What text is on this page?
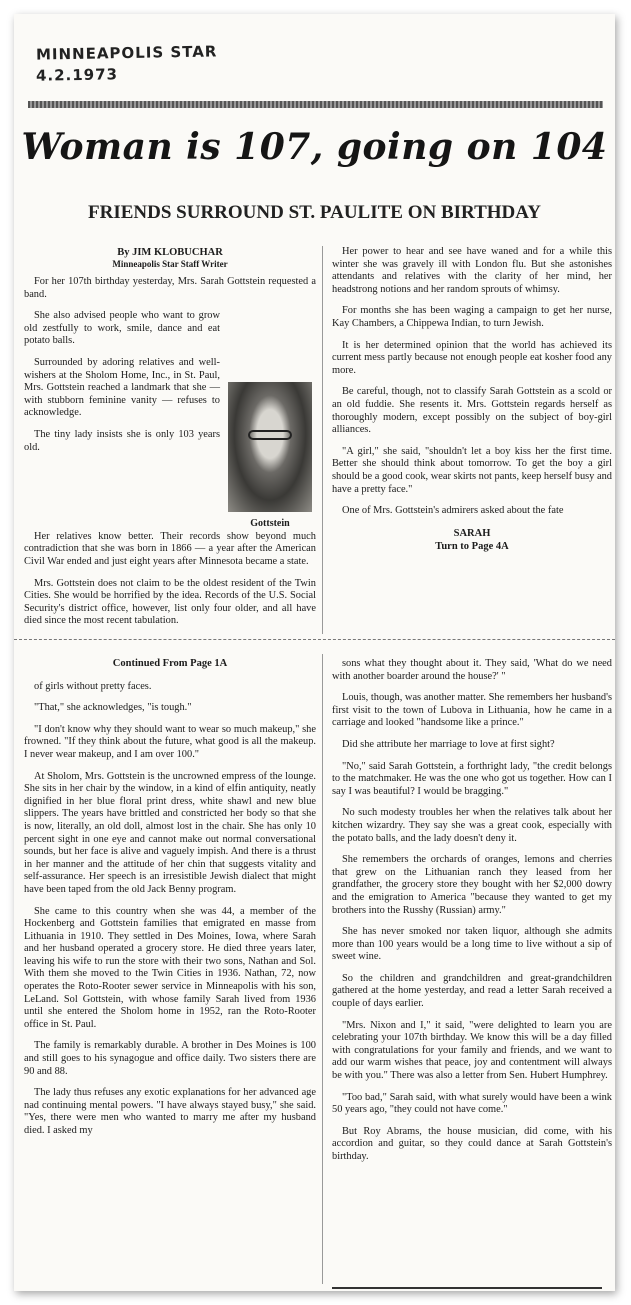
MINNEAPOLIS STAR
4.2.1973
Woman is 107, going on 104
FRIENDS SURROUND ST. PAULITE ON BIRTHDAY
By JIM KLOBUCHAR
Minneapolis Star Staff Writer

For her 107th birthday yesterday, Mrs. Sarah Gottstein requested a band.

She also advised people who want to grow old zestfully to work, smile, dance and eat potato balls.

Surrounded by adoring relatives and well-wishers at the Sholom Home, Inc., in St. Paul, Mrs. Gottstein reached a landmark that she — with stubborn feminine vanity — refuses to acknowledge.

The tiny lady insists she is only 103 years old.

Gottstein

Her relatives know better. Their records show beyond much contradiction that she was born in 1866 — a year after the American Civil War ended and just eight years after Minnesota became a state.

Mrs. Gottstein does not claim to be the oldest resident of the Twin Cities. She would be horrified by the idea. Records of the U.S. Social Security's district office, however, list only four older, and all have died since the most recent tabulation.

Her power to hear and see have waned and for a while this winter she was gravely ill with London flu. But she astonishes attendants and relatives with the clarity of her mind, her headstrong notions and her random sprouts of whimsy.

For months she has been waging a campaign to get her nurse, Kay Chambers, a Chippewa Indian, to turn Jewish.

It is her determined opinion that the world has achieved its current mess partly because not enough people eat kosher food any more.

Be careful, though, not to classify Sarah Gottstein as a scold or an old fuddie. She resents it. Mrs. Gottstein regards herself as thoroughly modern, except possibly on the subject of boy-girl alliances.

"A girl," she said, "shouldn't let a boy kiss her the first time. Better she should think about tomorrow. To get the boy a girl should be a good cook, wear skirts not pants, keep herself busy and have a pretty face."

One of Mrs. Gottstein's admirers asked about the fate

SARAH
Turn to Page 4A
Continued From Page 1A

of girls without pretty faces.

"That," she acknowledges, "is tough."

"I don't know why they should want to wear so much makeup," she frowned. "If they think about the future, what good is all the makeup. I never wear makeup, and I am over 100."

At Sholom, Mrs. Gottstein is the uncrowned empress of the lounge. She sits in her chair by the window, in a kind of elfin antiquity, neatly dignified in her blue floral print dress, white shawl and new blue slippers. The years have brittled and constricted her body so that she is now, literally, an old doll, almost lost in the chair. She has only 10 percent sight in one eye and cannot make out normal conversational sounds, but her face is alive and vaguely impish. And there is a thrust in her manner and the attitude of her chin that suggests vitality and self-assurance. Her speech is an irresistible Jewish dialect that might have been taped from the old Jack Benny program.

She came to this country when she was 44, a member of the Hockenberg and Gottstein families that emigrated en masse from Lithuania in 1910. They settled in Des Moines, Iowa, where Sarah and her husband operated a grocery store. He died three years later, leaving his wife to run the store with their two sons, Nathan and Sol. With them she moved to the Twin Cities in 1936. Nathan, 72, now operates the Roto-Rooter sewer service in Minneapolis with his son, LeLand. Sol Gottstein, with whose family Sarah lived from 1936 until she entered the Sholom home in 1952, ran the Roto-Rooter office in St. Paul.

The family is remarkably durable. A brother in Des Moines is 100 and still goes to his synagogue and office daily. Two sisters there are 90 and 88.

The lady thus refuses any exotic explanations for her advanced age nad continuing mental powers. "I have always stayed busy," she said. "Yes, there were men who wanted to marry me after my husband died. I asked my

sons what they thought about it. They said, 'What do we need with another boarder around the house?' "

Louis, though, was another matter. She remembers her husband's first visit to the town of Lubova in Lithuania, how he came in a carriage and looked "handsome like a prince."

Did she attribute her marriage to love at first sight?

"No," said Sarah Gottstein, a forthright lady, "the credit belongs to the matchmaker. He was the one who got us together. How can I say I was beautiful? I would be bragging."

No such modesty troubles her when the relatives talk about her kitchen wizardry. They say she was a great cook, especially with the potato balls, and the lady doesn't deny it.

She remembers the orchards of oranges, lemons and cherries that grew on the Lithuanian ranch they leased from her grandfather, the grocery store they bought with her $2,000 dowry and the emigration to America "because they wanted to get my brothers into the Russhy (Russian) army."

She has never smoked nor taken liquor, although she admits more than 100 years would be a long time to live without a sip of sweet wine.

So the children and grandchildren and great-grandchildren gathered at the home yesterday, and read a letter Sarah received a couple of days earlier.

"Mrs. Nixon and I," it said, "were delighted to learn you are celebrating your 107th birthday. We know this will be a day filled with congratulations for your family and friends, and we want to add our warm wishes that peace, joy and contentment will always be with you." There was also a letter from Sen. Hubert Humphrey.

"Too bad," Sarah said, with what surely would have been a wink 50 years ago, "they could not have come."

But Roy Abrams, the house musician, did come, with his accordion and guitar, so they could dance at Sarah Gottstein's birthday.
